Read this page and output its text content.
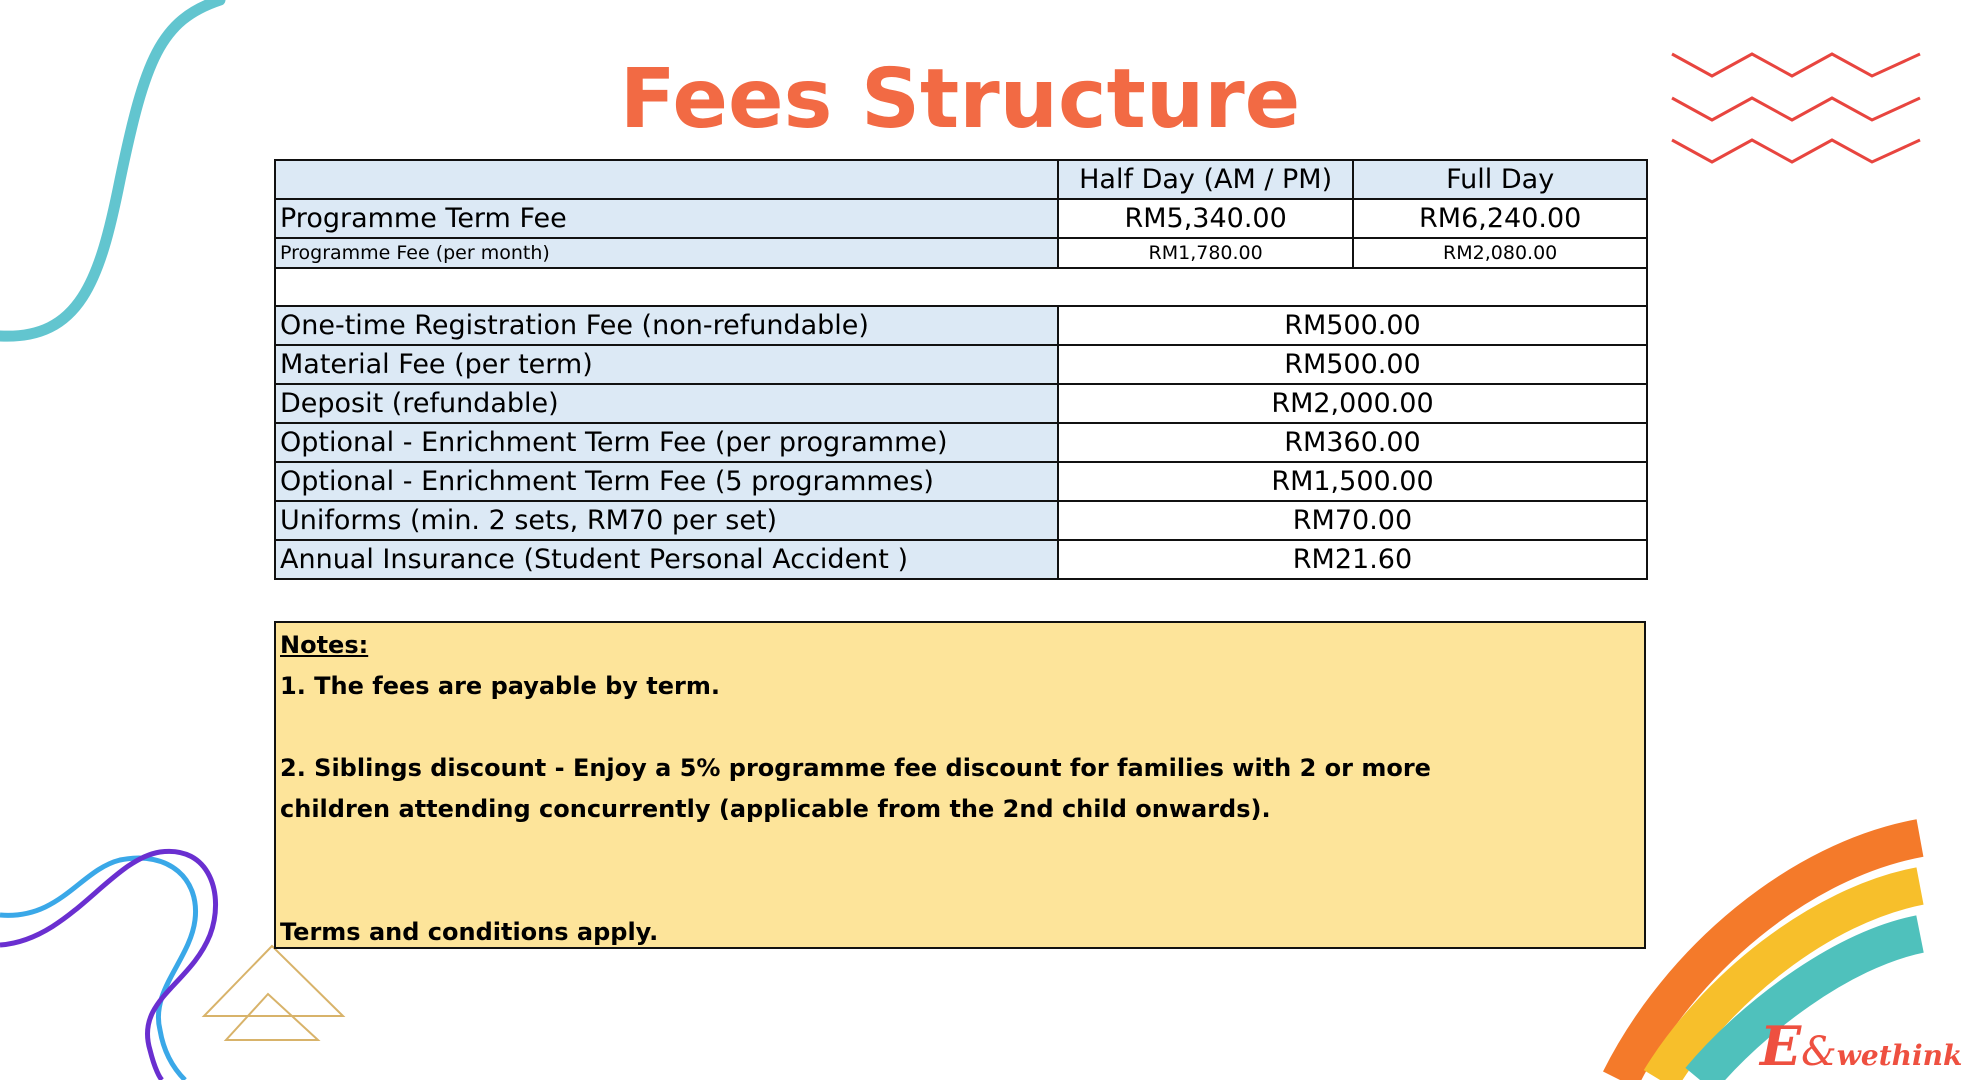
Fees Structure
	Half Day (AM / PM)	Full Day
Programme Term Fee	RM5,340.00	RM6,240.00
Programme Fee (per month)	RM1,780.00	RM2,080.00

One-time Registration Fee (non-refundable)	RM500.00	
Material Fee (per term)	RM500.00	
Deposit (refundable)	RM2,000.00	
Optional - Enrichment Term Fee (per programme)	RM360.00	
Optional - Enrichment Term Fee (5 programmes)	RM1,500.00	
Uniforms (min. 2 sets, RM70 per set)	RM70.00	
Annual Insurance (Student Personal Accident )	RM21.60	

Notes:

1. The fees are payable by term.

2. Siblings discount - Enjoy a 5% programme fee discount for families with 2 or more

children attending concurrently (applicable from the 2nd child onwards).

Terms and conditions apply.

E&wethink
